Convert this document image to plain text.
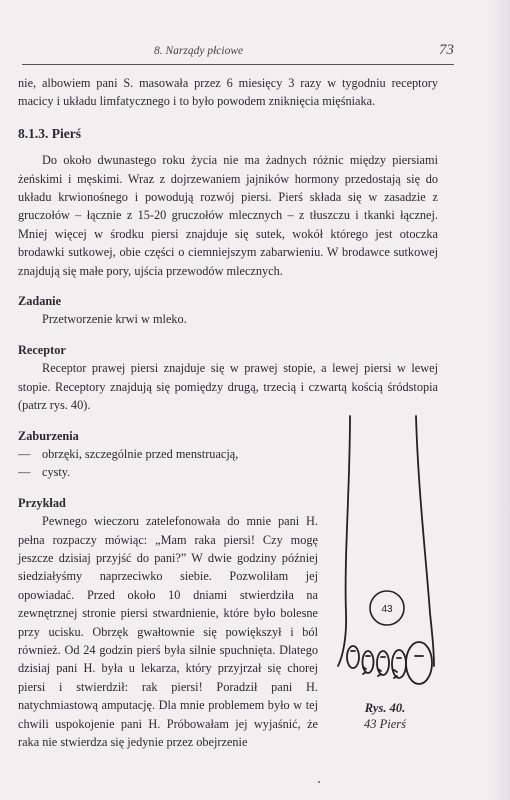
8. Narządy płciowe	73

nie, albowiem pani S. masowała przez 6 miesięcy 3 razy w tygodniu receptory macicy i układu limfatycznego i to było powodem zniknięcia mięśniaka.

8.1.3. Pierś

Do około dwunastego roku życia nie ma żadnych różnic między piersiami żeńskimi i męskimi. Wraz z dojrzewaniem jajników hormony przedostają się do układu krwionośnego i powodują rozwój piersi. Pierś składa się w zasadzie z gruczołów – łącznie z 15-20 gruczołów mlecznych – z tłuszczu i tkanki łącznej. Mniej więcej w środku piersi znajduje się sutek, wokół którego jest otoczka brodawki sutkowej, obie części o ciemniejszym zabarwieniu. W brodawce sutkowej znajdują się małe pory, ujścia przewodów mlecznych.

Zadanie

Przetworzenie krwi w mleko.

Receptor

Receptor prawej piersi znajduje się w prawej stopie, a lewej piersi w lewej stopie. Receptory znajdują się pomiędzy drugą, trzecią i czwartą kością śródstopia (patrz rys. 40).

Zaburzenia

— obrzęki, szczególnie przed menstruacją,

— cysty.

Przykład

Pewnego wieczoru zatelefonowała do mnie pani H. pełna rozpaczy mówiąc: „Mam raka piersi! Czy mogę jeszcze dzisiaj przyjść do pani?” W dwie godziny później siedziałyśmy naprzeciwko siebie. Pozwoliłam jej opowiadać. Przed około 10 dniami stwierdziła na zewnętrznej stronie piersi stwardnienie, które było bolesne przy ucisku. Obrzęk gwałtownie się powiększył i ból również. Od 24 godzin pierś była silnie spuchnięta. Dlatego dzisiaj pani H. była u lekarza, który przyjrzał się chorej piersi i stwierdził: rak piersi! Poradził pani H. natychmiastową amputację. Dla mnie problemem było w tej chwili uspokojenie pani H. Próbowałam jej wyjaśnić, że raka nie stwierdza się jedynie przez obejrzenie

43
Rys. 40.
43 Pierś
